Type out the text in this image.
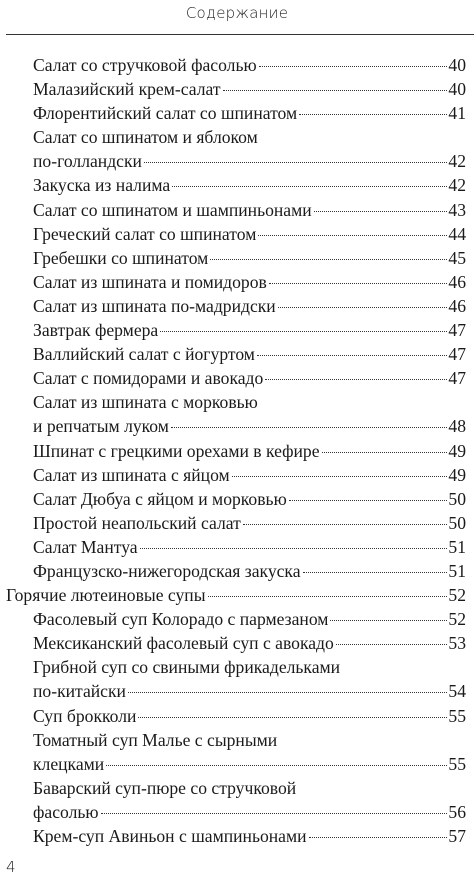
Содержание
Салат со стручковой фасолью	40
Малазийский крем-салат	40
Флорентийский салат со шпинатом	41
Салат со шпинатом и яблоком
по-голландски	42
Закуска из налима	42
Салат со шпинатом и шампиньонами	43
Греческий салат со шпинатом	44
Гребешки со шпинатом	45
Салат из шпината и помидоров	46
Салат из шпината по-мадридски	46
Завтрак фермера	47
Валлийский салат с йогуртом	47
Салат с помидорами и авокадо	47
Салат из шпината с морковью
и репчатым луком	48
Шпинат с грецкими орехами в кефире	49
Салат из шпината с яйцом	49
Салат Дюбуа с яйцом и морковью	50
Простой неапольский салат	50
Салат Мантуа	51
Французско-нижегородская закуска	51
Горячие лютеиновые супы	52
Фасолевый суп Колорадо с пармезаном	52
Мексиканский фасолевый суп с авокадо	53
Грибной суп со свиными фрикадельками
по-китайски	54
Суп брокколи	55
Томатный суп Малье с сырными
клецками	55
Баварский суп-пюре со стручковой
фасолью	56
Крем-суп Авиньон с шампиньонами	57
4
